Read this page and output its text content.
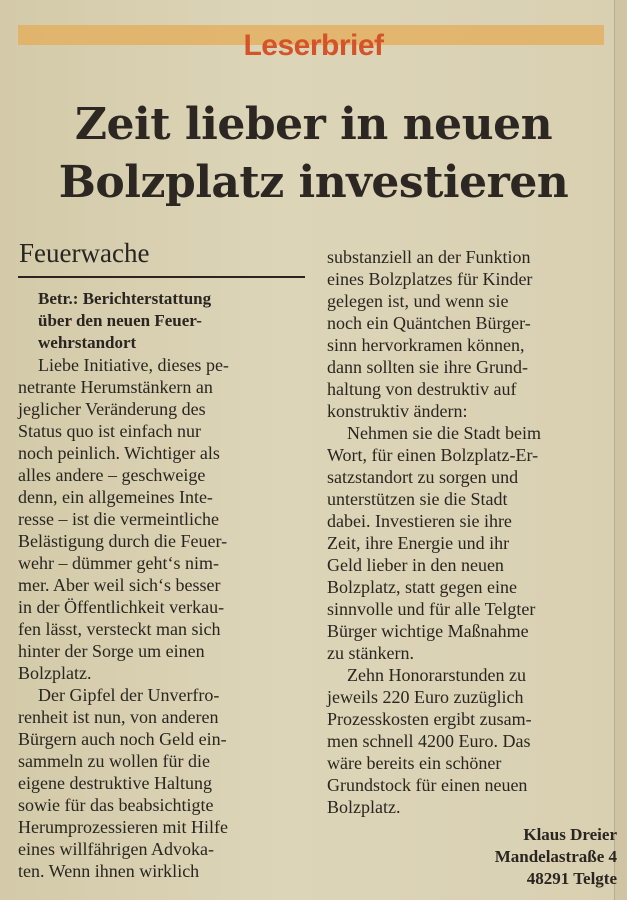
Leserbrief
Zeit lieber in neuen
Bolzplatz investieren
Feuerwache
Betr.: Berichterstattung
über den neuen Feuer-
wehrstandort
Liebe Initiative, dieses pe-
netrante Herumstänkern an
jeglicher Veränderung des
Status quo ist einfach nur
noch peinlich. Wichtiger als
alles andere – geschweige
denn, ein allgemeines Inte-
resse – ist die vermeintliche
Belästigung durch die Feuer-
wehr – dümmer geht‘s nim-
mer. Aber weil sich‘s besser
in der Öffentlichkeit verkau-
fen lässt, versteckt man sich
hinter der Sorge um einen
Bolzplatz.
Der Gipfel der Unverfro-
renheit ist nun, von anderen
Bürgern auch noch Geld ein-
sammeln zu wollen für die
eigene destruktive Haltung
sowie für das beabsichtigte
Herumprozessieren mit Hilfe
eines willfährigen Advoka-
ten. Wenn ihnen wirklich
substanziell an der Funktion
eines Bolzplatzes für Kinder
gelegen ist, und wenn sie
noch ein Quäntchen Bürger-
sinn hervorkramen können,
dann sollten sie ihre Grund-
haltung von destruktiv auf
konstruktiv ändern:
Nehmen sie die Stadt beim
Wort, für einen Bolzplatz-Er-
satzstandort zu sorgen und
unterstützen sie die Stadt
dabei. Investieren sie ihre
Zeit, ihre Energie und ihr
Geld lieber in den neuen
Bolzplatz, statt gegen eine
sinnvolle und für alle Telgter
Bürger wichtige Maßnahme
zu stänkern.
Zehn Honorarstunden zu
jeweils 220 Euro zuzüglich
Prozesskosten ergibt zusam-
men schnell 4200 Euro. Das
wäre bereits ein schöner
Grundstock für einen neuen
Bolzplatz.
Klaus Dreier
Mandelastraße 4
48291 Telgte
